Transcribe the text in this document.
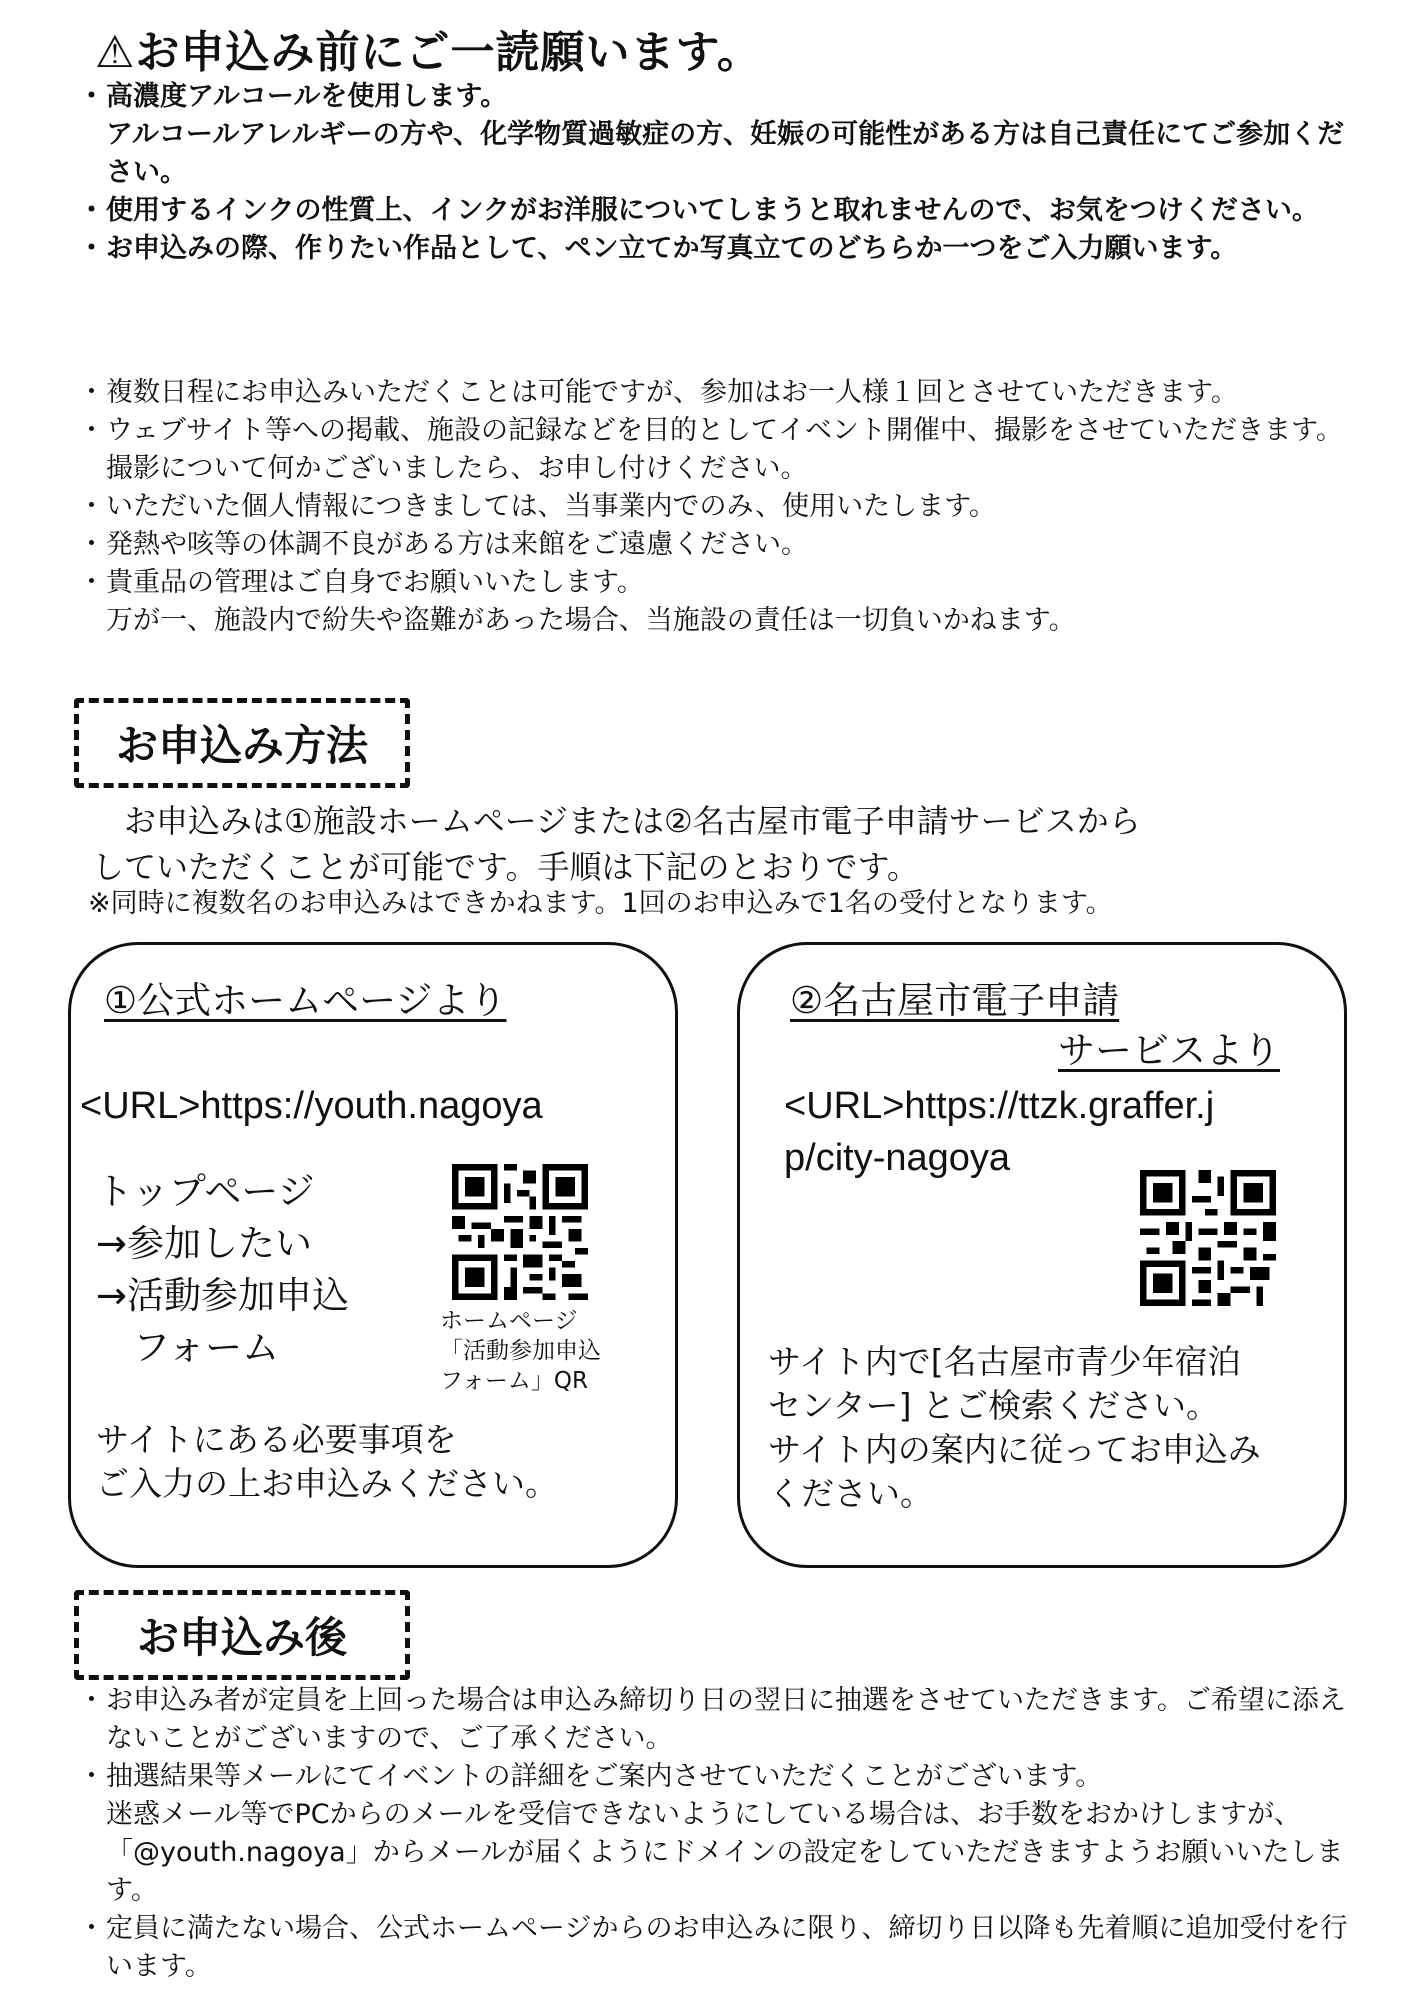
⚠お申込み前にご一読願います。
・ 高濃度アルコールを使用します。

アルコールアレルギーの方や、化学物質過敏症の方、妊娠の可能性がある方は自己責任にてご参加ください。

・ 使用するインクの性質上、インクがお洋服についてしまうと取れませんので、お気をつけください。

・ お申込みの際、作りたい作品として、ペン立てか写真立てのどちらか一つをご入力願います。

・ 複数日程にお申込みいただくことは可能ですが、参加はお一人様１回とさせていただきます。

・ ウェブサイト等への掲載、施設の記録などを目的としてイベント開催中、撮影をさせていただきます。撮影について何かございましたら、お申し付けください。

・ いただいた個人情報につきましては、当事業内でのみ、使用いたします。

・ 発熱や咳等の体調不良がある方は来館をご遠慮ください。

・ 貴重品の管理はご自身でお願いいたします。

万が一、施設内で紛失や盗難があった場合、当施設の責任は一切負いかねます。

お申込み方法

　お申込みは①施設ホームページまたは②名古屋市電子申請サービスから

していただくことが可能です。手順は下記のとおりです。

※同時に複数名のお申込みはできかねます。1回のお申込みで1名の受付となります。
①公式ホームページより
<URL>https://youth.nagoya

トップページ

→参加したい

→活動参加申込

　フォーム

ホームページ

「活動参加申込

フォーム」QR

サイトにある必要事項を

ご入力の上お申込みください。

②名古屋市電子申請
サービスより
<URL>https://ttzk.graffer.j
p/city-nagoya

サイト内で[名古屋市青少年宿泊

センター] とご検索ください。

サイト内の案内に従ってお申込み

ください。

お申込み後
・ お申込み者が定員を上回った場合は申込み締切り日の翌日に抽選をさせていただきます。ご希望に添えないことがございますので、ご了承ください。

・ 抽選結果等メールにてイベントの詳細をご案内させていただくことがございます。

迷惑メール等でPCからのメールを受信できないようにしている場合は、お手数をおかけしますが、「@youth.nagoya」からメールが届くようにドメインの設定をしていただきますようお願いいたします。

・ 定員に満たない場合、公式ホームページからのお申込みに限り、締切り日以降も先着順に追加受付を行います。
